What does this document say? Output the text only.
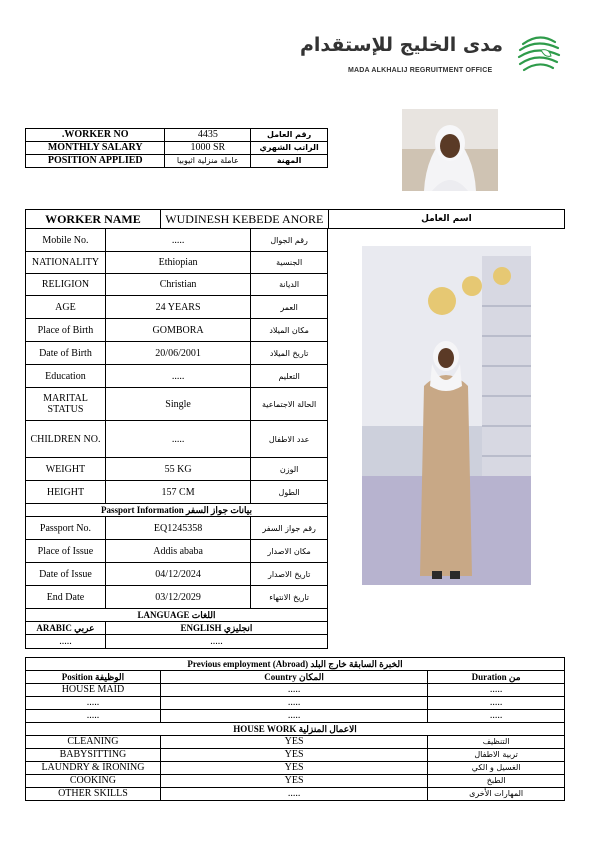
مدى الخليج للإستقدام
MADA ALKHALIJ REGRUITMENT OFFICE
WORKER NO.	4435	رقم العامل
MONTHLY SALARY	1000 SR	الراتب الشهري
POSITION APPLIED	عاملة منزلية اثيوبيا	المهنة
WORKER NAME	WUDINESH KEBEDE ANORE	اسم العامل
Mobile No.	.....	رقم الجوال
NATIONALITY	Ethiopian	الجنسية
RELIGION	Christian	الديانة
AGE	24 YEARS	العمر
Place of Birth	GOMBORA	مكان الميلاد
Date of Birth	20/06/2001	تاريخ الميلاد
Education	.....	التعليم
MARITAL STATUS	Single	الحالة الاجتماعية
CHILDREN NO.	.....	عدد الاطفال
WEIGHT	55 KG	الوزن
HEIGHT	157 CM	الطول
Passport Information بيانات جواز السفر		
Passport No.	EQ1245358	رقم جواز السفر
Place of Issue	Addis ababa	مكان الاصدار
Date of Issue	04/12/2024	تاريخ الاصدار
End Date	03/12/2029	تاريخ الانتهاء
LANGUAGE اللغات		
ARABIC عربي	ENGLISH انجليزي	
.....	.....	
Previous employment (Abroad) الخبرة السابقة خارج البلد		
Position الوظيفة	Country المكان	Duration من
HOUSE MAID	.....	.....
.....	.....	.....
.....	.....	.....
HOUSE WORK الاعمال المنزلية		
CLEANING	YES	التنظيف
BABYSITTING	YES	تربية الاطفال
LAUNDRY & IRONING	YES	الغسيل و الكي
COOKING	YES	الطبخ
OTHER SKILLS	.....	المهارات الأخرى
